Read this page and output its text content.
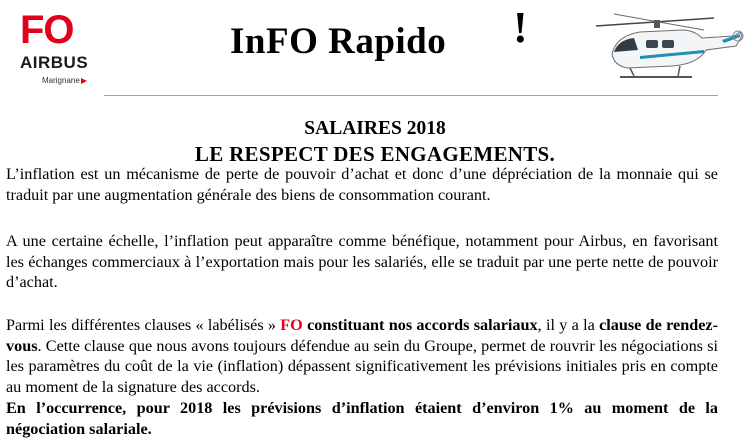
FO
AIRBUS
Marignane
InFO Rapido !
SALAIRES 2018
LE RESPECT DES ENGAGEMENTS.

L’inflation est un mécanisme de perte de pouvoir d’achat et donc d’une dépréciation de la monnaie qui se traduit par une augmentation générale des biens de consommation courant.

A une certaine échelle, l’inflation peut apparaître comme bénéfique, notamment pour Airbus, en favorisant les échanges commerciaux à l’exportation mais pour les salariés, elle se traduit par une perte nette de pouvoir d’achat.

Parmi les différentes clauses « labélisés » FO constituant nos accords salariaux, il y a la clause de rendez-vous. Cette clause que nous avons toujours défendue au sein du Groupe, permet de rouvrir les négociations si les paramètres du coût de la vie (inflation) dépassent significativement les prévisions initiales pris en compte au moment de la signature des accords.

En l’occurrence, pour 2018 les prévisions d’inflation étaient d’environ 1% au moment de la négociation salariale.
